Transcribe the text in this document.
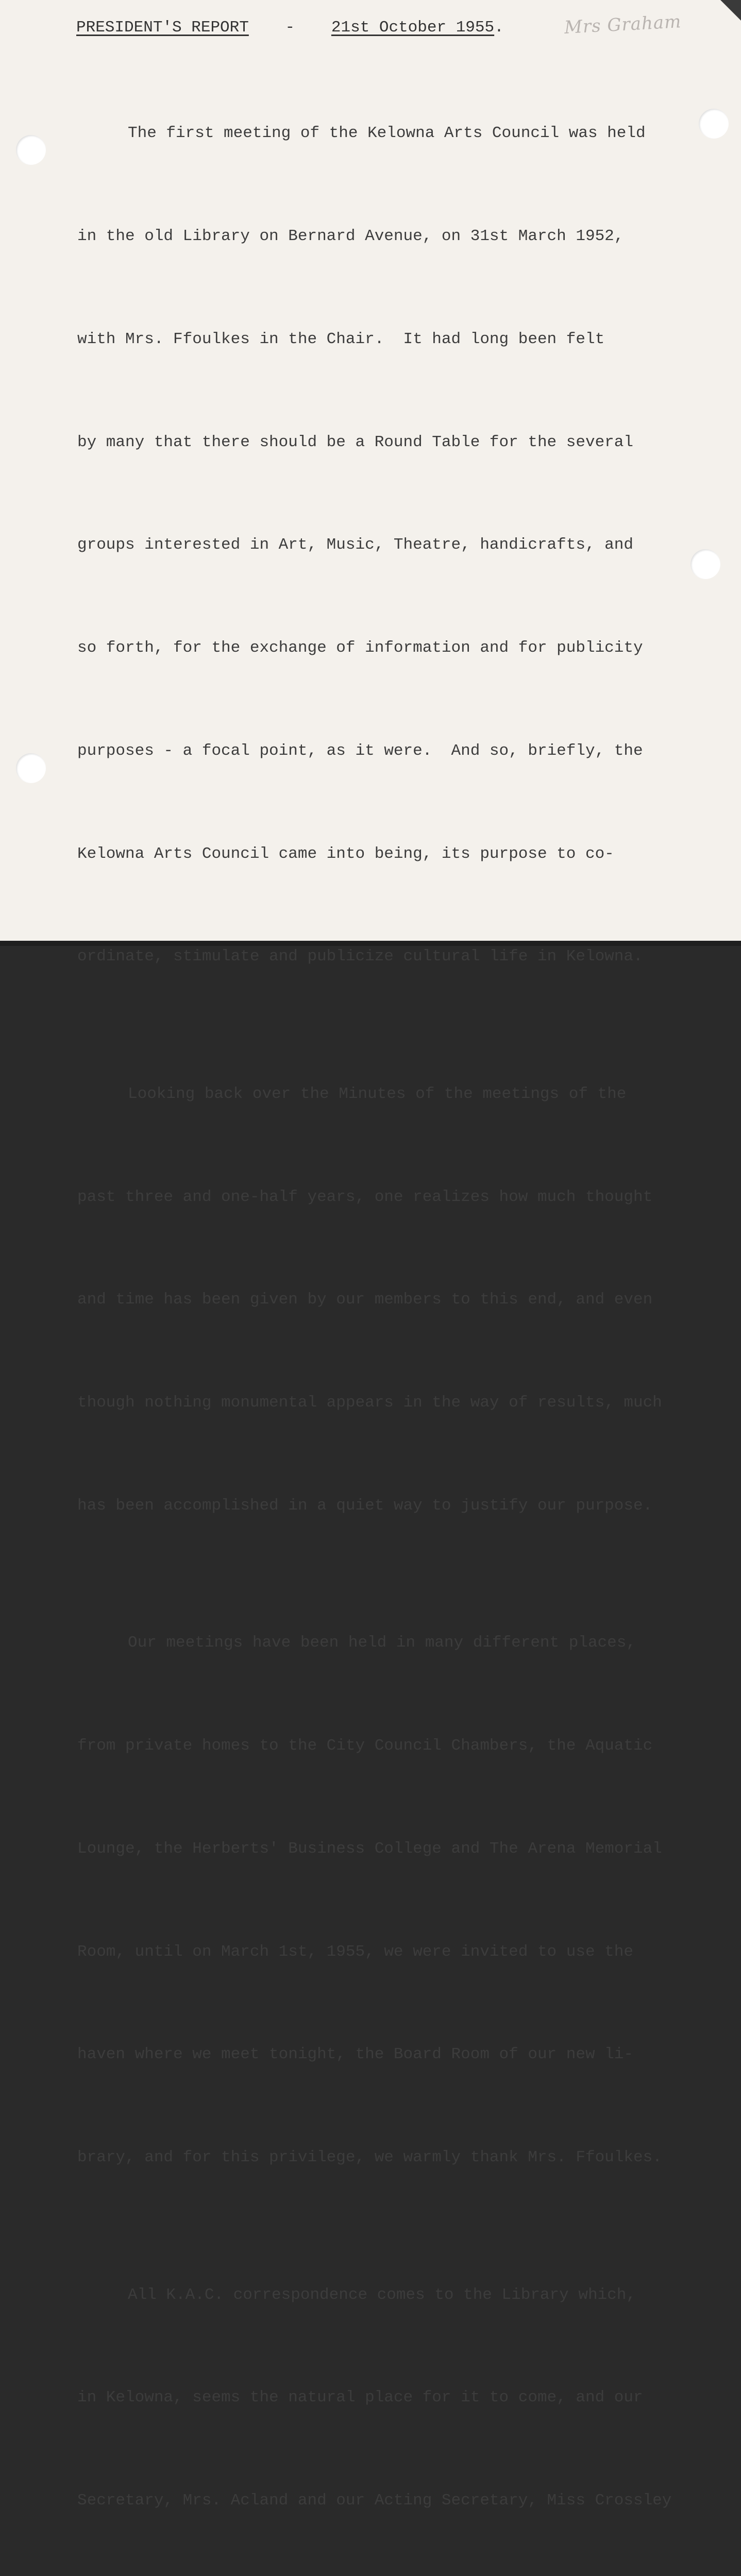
PRESIDENT'S REPORT - 21st October 1955.	Mrs Graham

The first meeting of the Kelowna Arts Council was held

in the old Library on Bernard Avenue, on 31st March 1952,

with Mrs. Ffoulkes in the Chair.  It had long been felt

by many that there should be a Round Table for the several

groups interested in Art, Music, Theatre, handicrafts, and

so forth, for the exchange of information and for publicity

purposes - a focal point, as it were.  And so, briefly, the

Kelowna Arts Council came into being, its purpose to co-

ordinate, stimulate and publicize cultural life in Kelowna.

Looking back over the Minutes of the meetings of the

past three and one-half years, one realizes how much thought

and time has been given by our members to this end, and even

though nothing monumental appears in the way of results, much

has been accomplished in a quiet way to justify our purpose.

Our meetings have been held in many different places,

from private homes to the City Council Chambers, the Aquatic

Lounge, the Herberts' Business College and The Arena Memorial

Room, until on March 1st, 1955, we were invited to use the

haven where we meet tonight, the Board Room of our new li-

brary, and for this privilege, we warmly thank Mrs. Ffoulkes.

All K.A.C. correspondence comes to the Library which,

in Kelowna, seems the natural place for it to come, and our

Secretary, Mrs. Acland and our Acting Secretary, Miss Crossley
